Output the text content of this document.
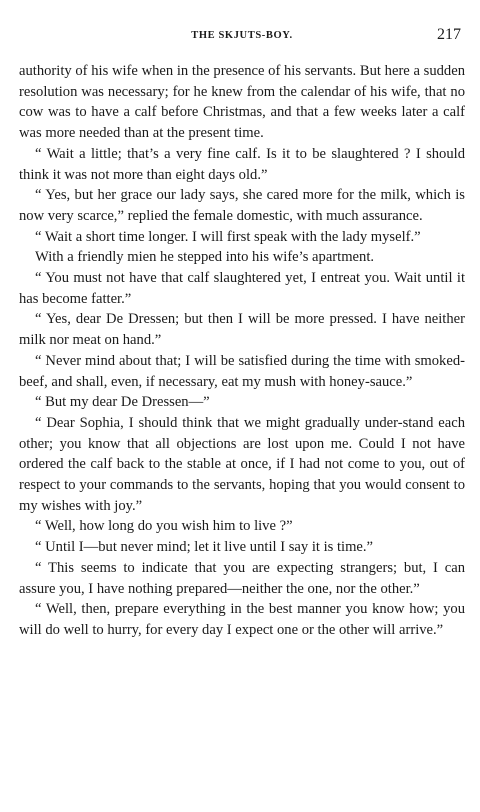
THE SKJUTS-BOY.	217

authority of his wife when in the presence of his servants. But here a sudden resolution was necessary; for he knew from the calendar of his wife, that no cow was to have a calf before Christmas, and that a few weeks later a calf was more needed than at the present time.

“ Wait a little; that’s a very fine calf. Is it to be slaughtered ? I should think it was not more than eight days old.”

“ Yes, but her grace our lady says, she cared more for the milk, which is now very scarce,” replied the female domestic, with much assurance.

“ Wait a short time longer. I will first speak with the lady myself.”

With a friendly mien he stepped into his wife’s apartment.

“ You must not have that calf slaughtered yet, I entreat you. Wait until it has become fatter.”

“ Yes, dear De Dressen; but then I will be more pressed. I have neither milk nor meat on hand.”

“ Never mind about that; I will be satisfied during the time with smoked-beef, and shall, even, if necessary, eat my mush with honey-sauce.”

“ But my dear De Dressen—”

“ Dear Sophia, I should think that we might gradually under-stand each other; you know that all objections are lost upon me. Could I not have ordered the calf back to the stable at once, if I had not come to you, out of respect to your commands to the servants, hoping that you would consent to my wishes with joy.”

“ Well, how long do you wish him to live ?”

“ Until I—but never mind; let it live until I say it is time.”

“ This seems to indicate that you are expecting strangers; but, I can assure you, I have nothing prepared—neither the one, nor the other.”

“ Well, then, prepare everything in the best manner you know how; you will do well to hurry, for every day I expect one or the other will arrive.”
